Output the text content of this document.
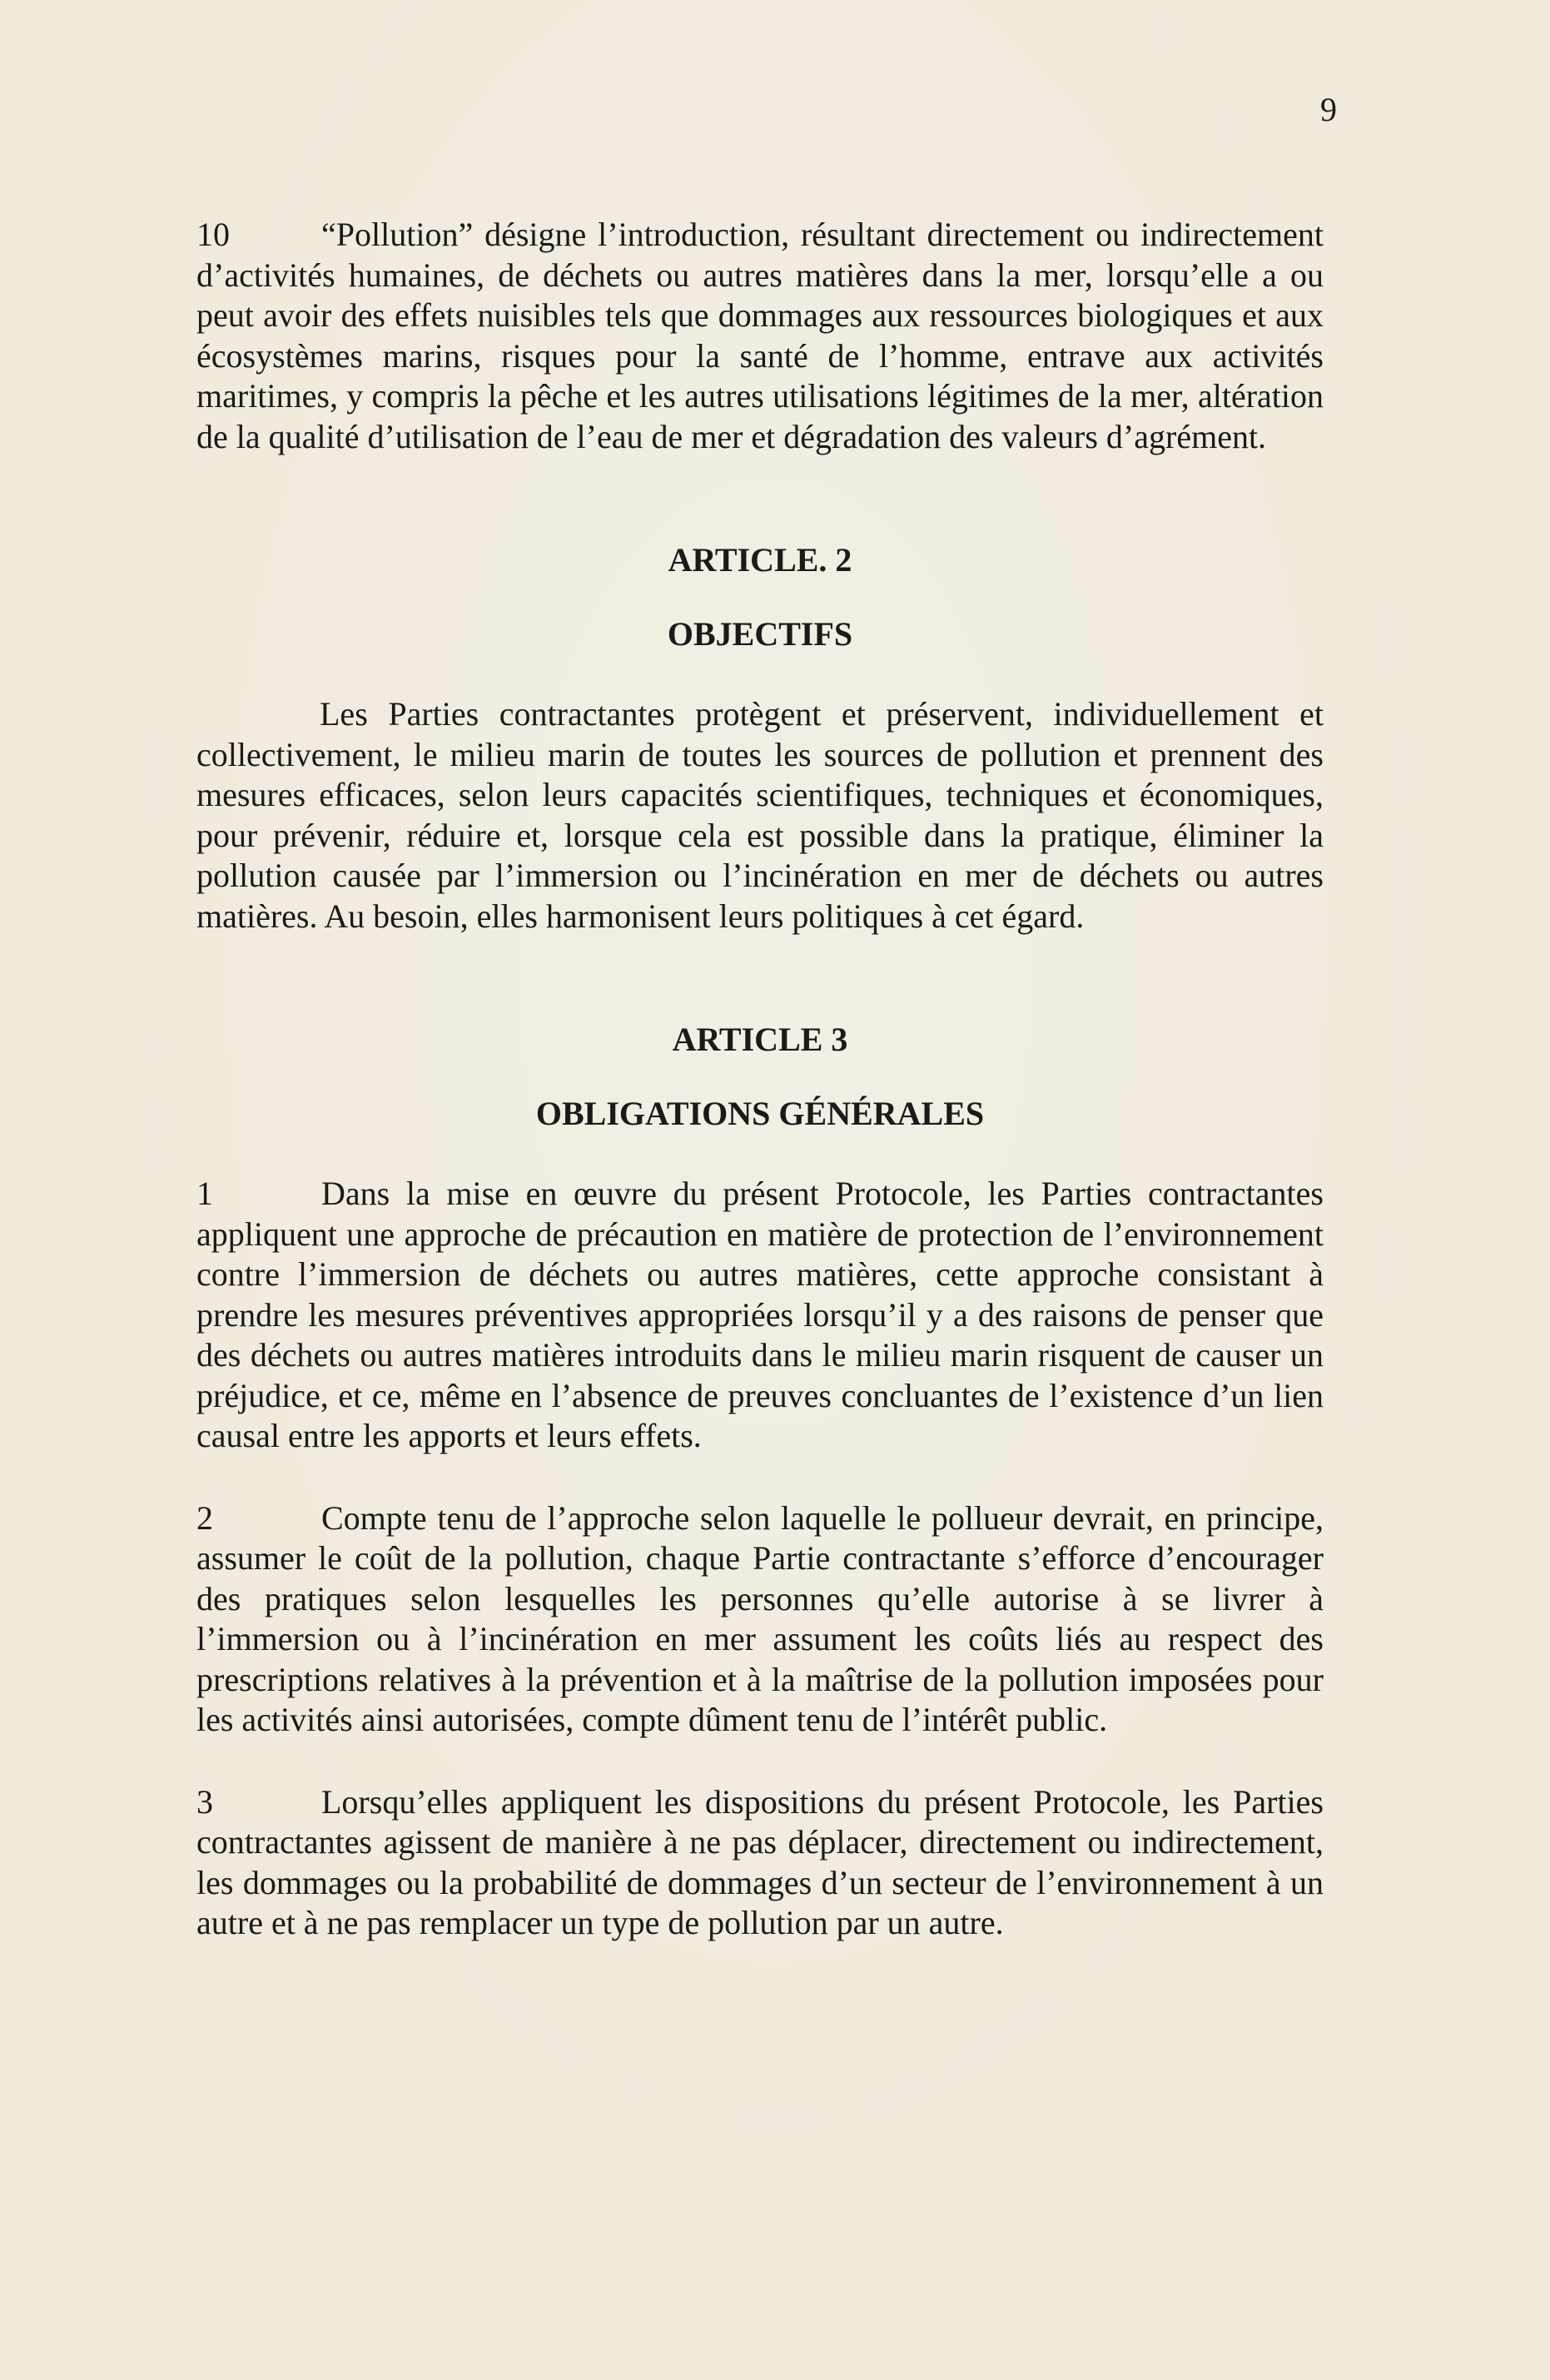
9

10	“Pollution” désigne l’introduction, résultant directement ou indirectement d’activités humaines, de déchets ou autres matières dans la mer, lorsqu’elle a ou peut avoir des effets nuisibles tels que dommages aux ressources biologiques et aux écosystèmes marins, risques pour la santé de l’homme, entrave aux activités maritimes, y compris la pêche et les autres utilisations légitimes de la mer, altération de la qualité d’utilisation de l’eau de mer et dégradation des valeurs d’agrément.

ARTICLE. 2

OBJECTIFS

Les Parties contractantes protègent et préservent, individuellement et collectivement, le milieu marin de toutes les sources de pollution et prennent des mesures efficaces, selon leurs capacités scientifiques, techniques et économiques, pour prévenir, réduire et, lorsque cela est possible dans la pratique, éliminer la pollution causée par l’immersion ou l’incinération en mer de déchets ou autres matières. Au besoin, elles harmonisent leurs politiques à cet égard.

ARTICLE 3

OBLIGATIONS GÉNÉRALES

1	Dans la mise en œuvre du présent Protocole, les Parties contractantes appliquent une approche de précaution en matière de protection de l’environnement contre l’immersion de déchets ou autres matières, cette approche consistant à prendre les mesures préventives appropriées lorsqu’il y a des raisons de penser que des déchets ou autres matières introduits dans le milieu marin risquent de causer un préjudice, et ce, même en l’absence de preuves concluantes de l’existence d’un lien causal entre les apports et leurs effets.

2	Compte tenu de l’approche selon laquelle le pollueur devrait, en principe, assumer le coût de la pollution, chaque Partie contractante s’efforce d’encourager des pratiques selon lesquelles les personnes qu’elle autorise à se livrer à l’immersion ou à l’incinération en mer assument les coûts liés au respect des prescriptions relatives à la prévention et à la maîtrise de la pollution imposées pour les activités ainsi autorisées, compte dûment tenu de l’intérêt public.

3	Lorsqu’elles appliquent les dispositions du présent Protocole, les Parties contractantes agissent de manière à ne pas déplacer, directement ou indirectement, les dommages ou la probabilité de dommages d’un secteur de l’environnement à un autre et à ne pas remplacer un type de pollution par un autre.
